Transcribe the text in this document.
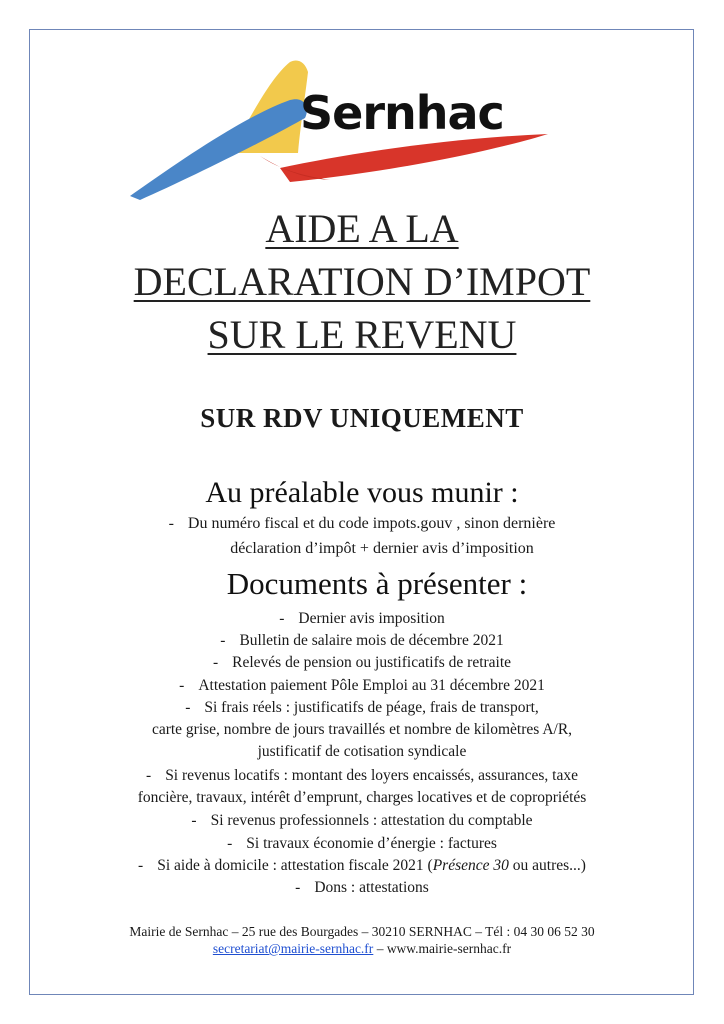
Sernhac
AIDE A LA
DECLARATION D’IMPOT
SUR LE REVENU
SUR RDV UNIQUEMENT
Au préalable vous munir :
- Du numéro fiscal et du code impots.gouv , sinon dernière
déclaration d’impôt + dernier avis d’imposition
Documents à présenter :
- Dernier avis imposition
- Bulletin de salaire mois de décembre 2021
- Relevés de pension ou justificatifs de retraite
- Attestation paiement Pôle Emploi au 31 décembre 2021
- Si frais réels : justificatifs de péage, frais de transport,
carte grise, nombre de jours travaillés et nombre de kilomètres A/R,
justificatif de cotisation syndicale
- Si revenus locatifs : montant des loyers encaissés, assurances, taxe
foncière, travaux, intérêt d’emprunt, charges locatives et de copropriétés
- Si revenus professionnels : attestation du comptable
- Si travaux économie d’énergie : factures
- Si aide à domicile : attestation fiscale 2021 (Présence 30 ou autres...)
- Dons : attestations
Mairie de Sernhac – 25 rue des Bourgades – 30210 SERNHAC – Tél : 04 30 06 52 30
secretariat@mairie-sernhac.fr – www.mairie-sernhac.fr
